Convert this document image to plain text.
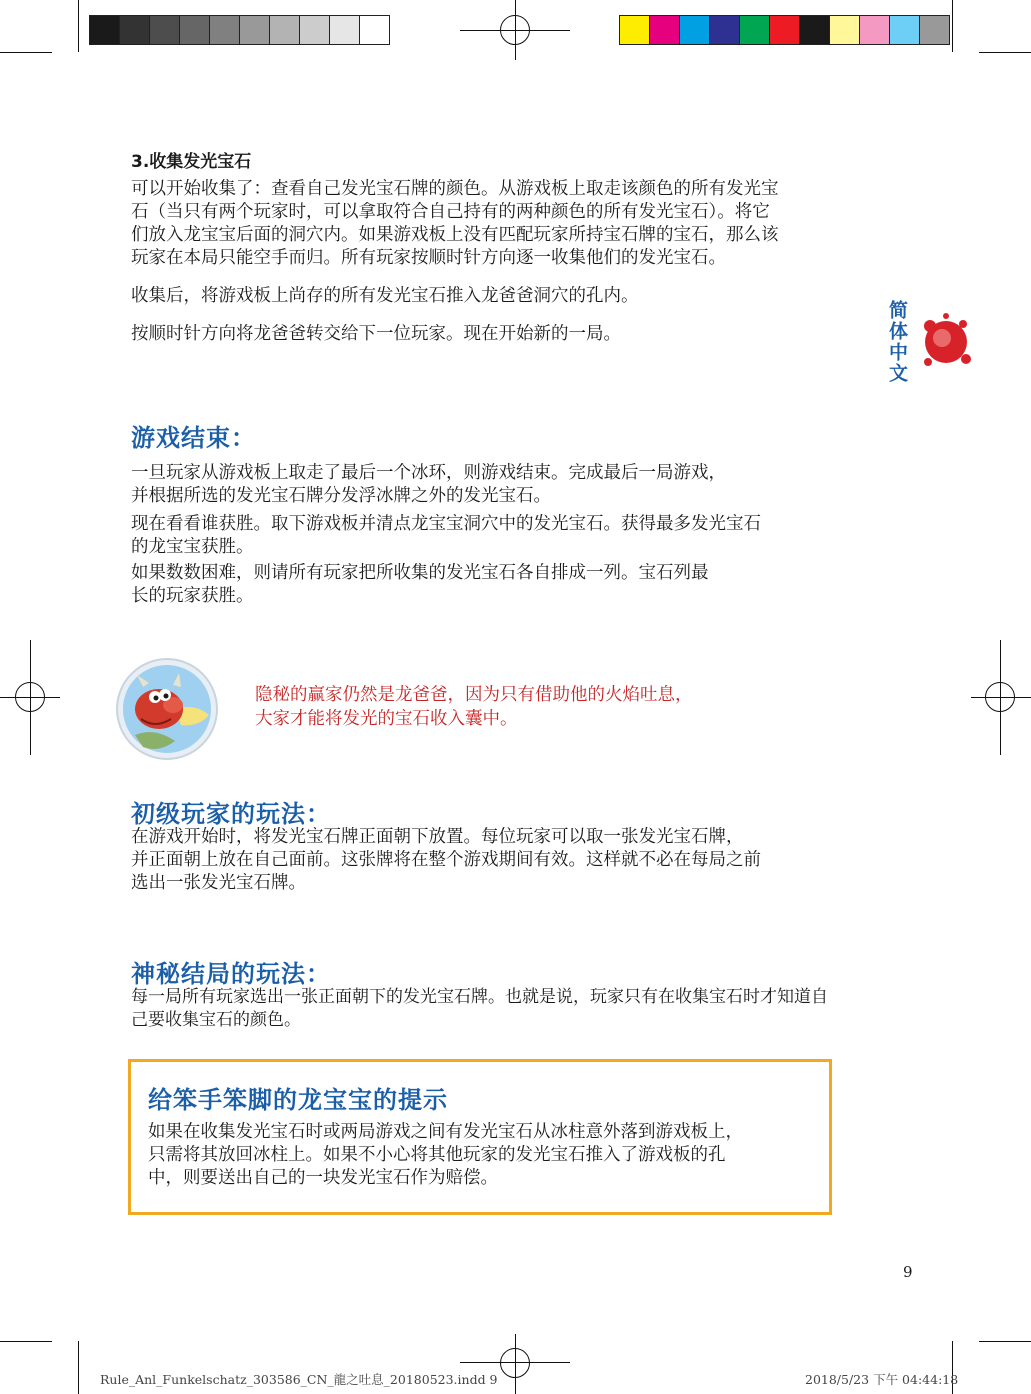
简体中文
3.收集发光宝石

可以开始收集了：查看自己发光宝石牌的颜色。从游戏板上取走该颜色的所有发光宝

石（当只有两个玩家时，可以拿取符合自己持有的两种颜色的所有发光宝石）。将它

们放入龙宝宝后面的洞穴内。如果游戏板上没有匹配玩家所持宝石牌的宝石，那么该

玩家在本局只能空手而归。所有玩家按顺时针方向逐一收集他们的发光宝石。

收集后，将游戏板上尚存的所有发光宝石推入龙爸爸洞穴的孔内。

按顺时针方向将龙爸爸转交给下一位玩家。现在开始新的一局。

游戏结束：

一旦玩家从游戏板上取走了最后一个冰环，则游戏结束。完成最后一局游戏，

并根据所选的发光宝石牌分发浮冰牌之外的发光宝石。

现在看看谁获胜。取下游戏板并清点龙宝宝洞穴中的发光宝石。获得最多发光宝石

的龙宝宝获胜。

如果数数困难，则请所有玩家把所收集的发光宝石各自排成一列。宝石列最

长的玩家获胜。

隐秘的赢家仍然是龙爸爸，因为只有借助他的火焰吐息，
大家才能将发光的宝石收入囊中。
初级玩家的玩法：

在游戏开始时，将发光宝石牌正面朝下放置。每位玩家可以取一张发光宝石牌，

并正面朝上放在自己面前。这张牌将在整个游戏期间有效。这样就不必在每局之前

选出一张发光宝石牌。

神秘结局的玩法：

每一局所有玩家选出一张正面朝下的发光宝石牌。也就是说，玩家只有在收集宝石时才知道自

己要收集宝石的颜色。

给笨手笨脚的龙宝宝的提示

如果在收集发光宝石时或两局游戏之间有发光宝石从冰柱意外落到游戏板上，

只需将其放回冰柱上。如果不小心将其他玩家的发光宝石推入了游戏板的孔

中，则要送出自己的一块发光宝石作为赔偿。

9
Rule_Anl_Funkelschatz_303586_CN_龍之吐息_20180523.indd 9	2018/5/23 下午 04:44:18
